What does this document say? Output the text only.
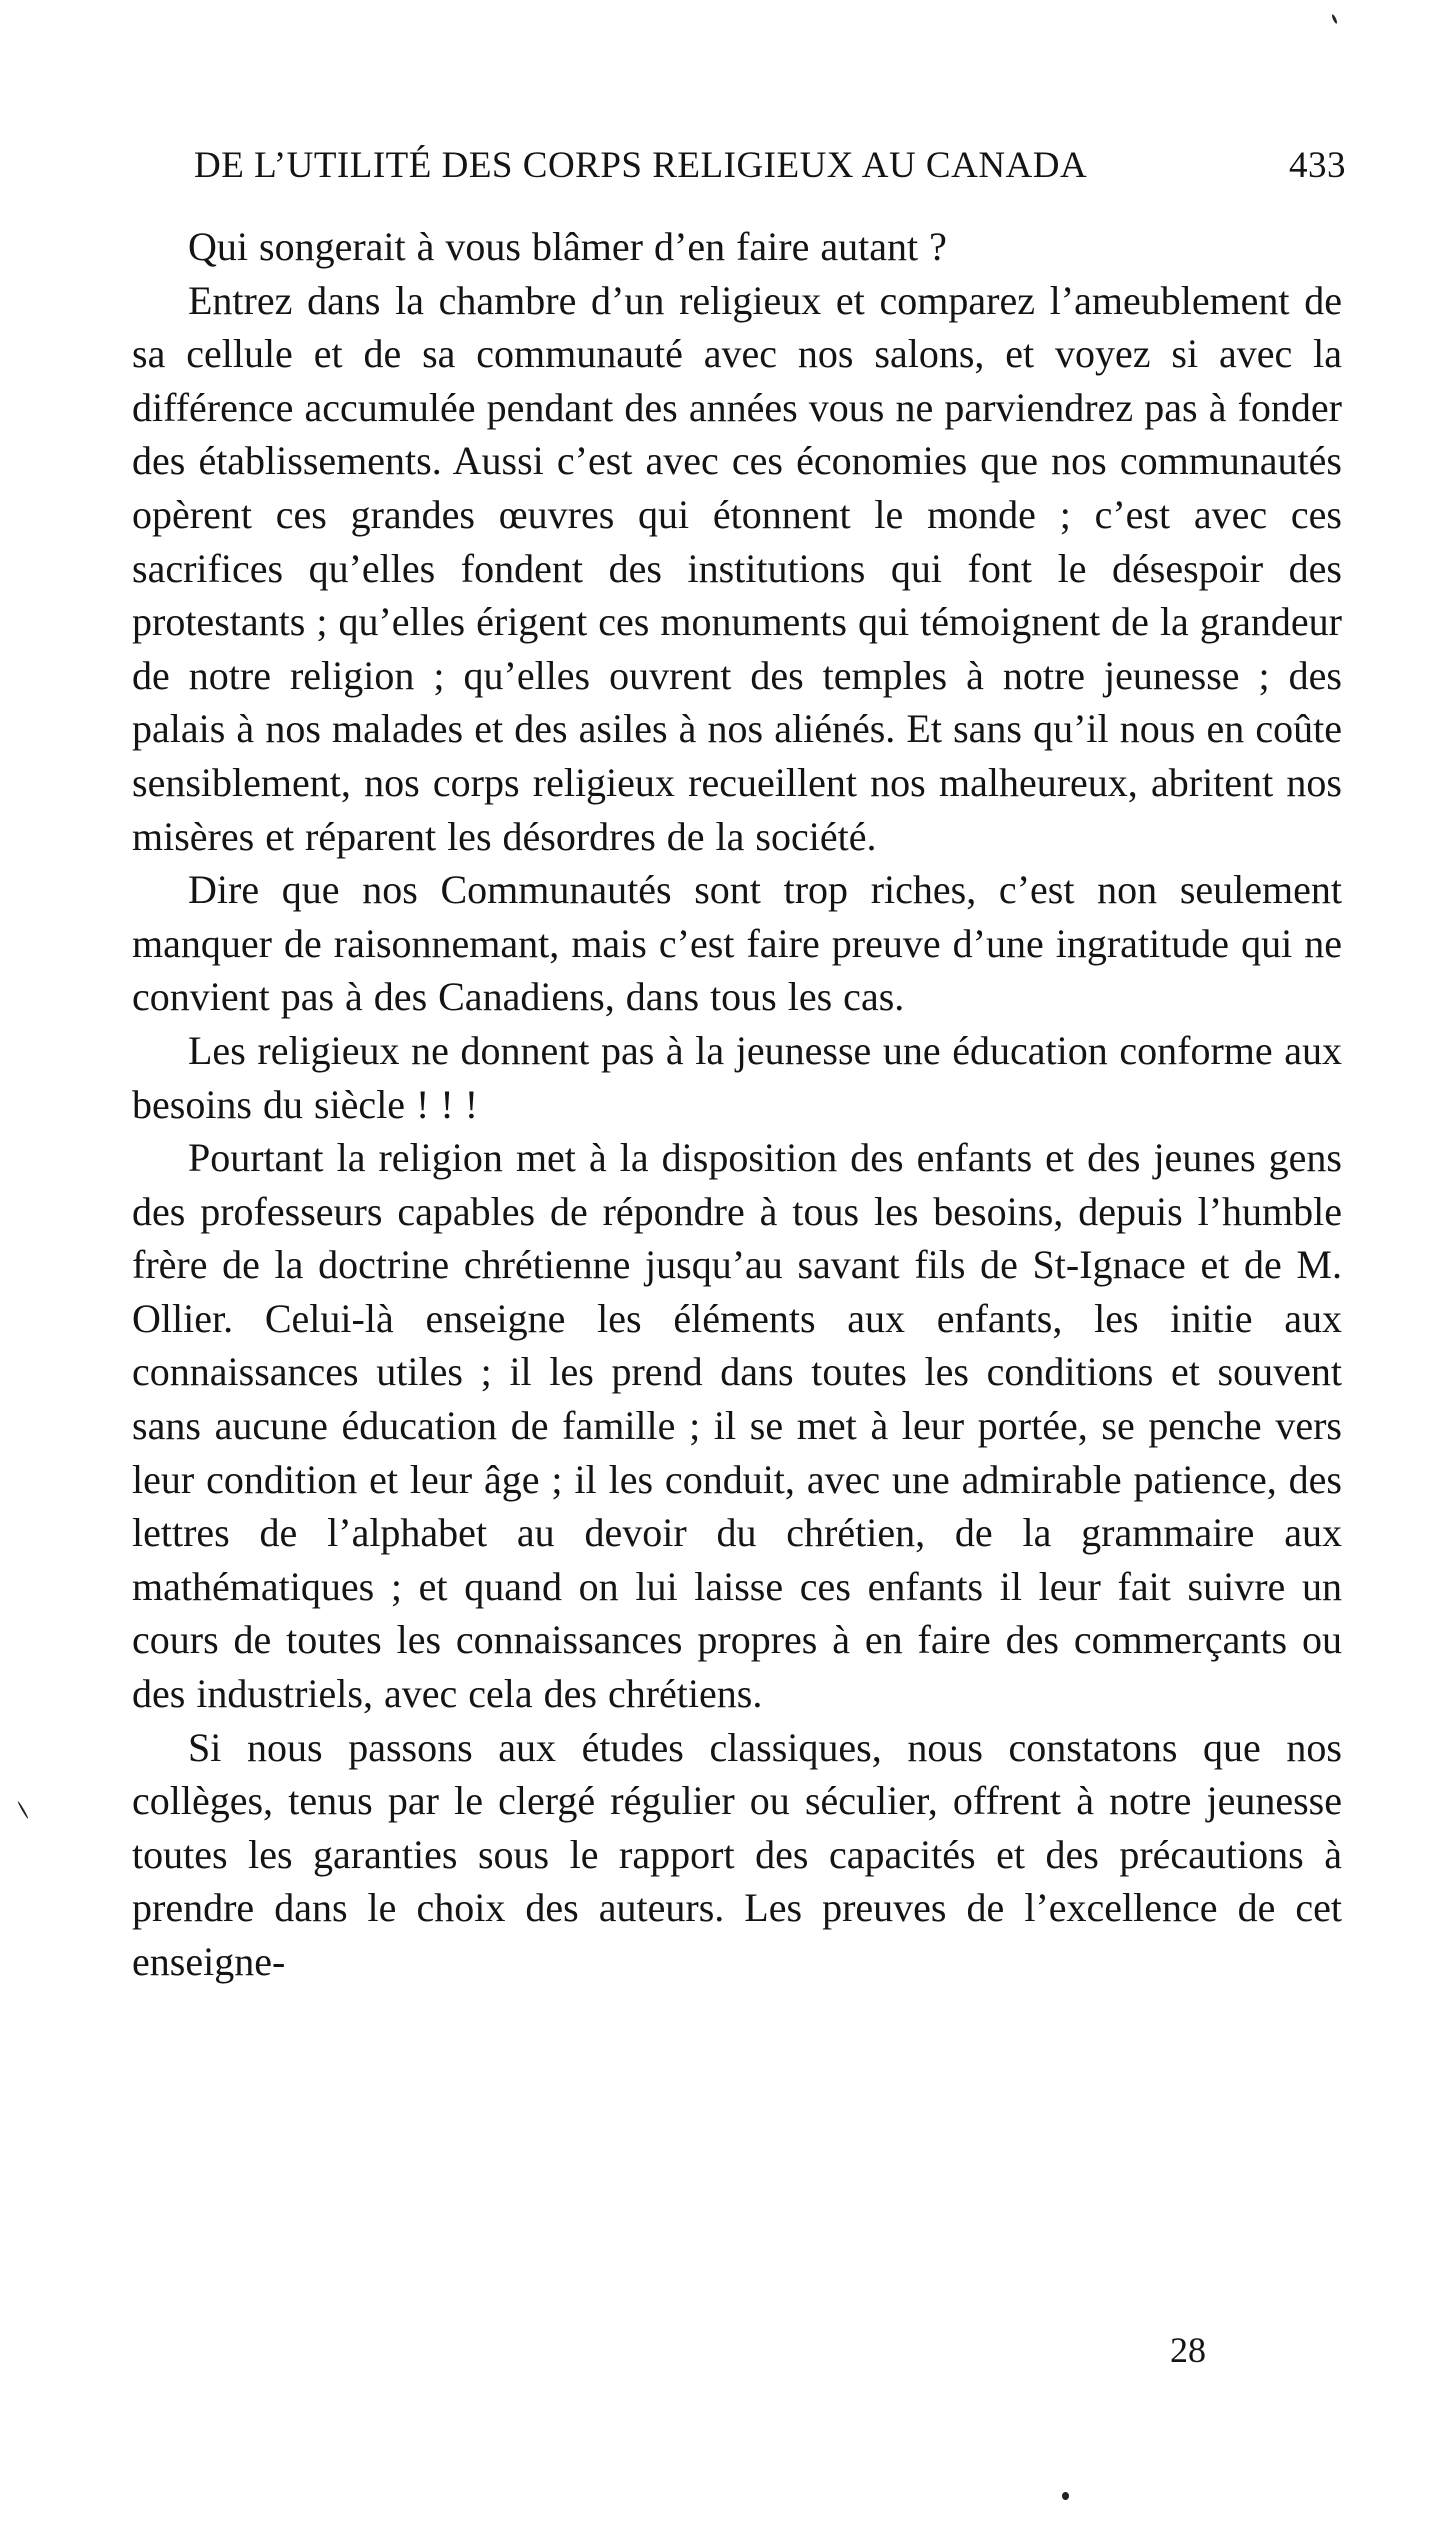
DE L’UTILITÉ DES CORPS RELIGIEUX AU CANADA	433

Qui songerait à vous blâmer d’en faire autant ?

Entrez dans la chambre d’un religieux et comparez l’ameublement de sa cellule et de sa communauté avec nos salons, et voyez si avec la différence accumulée pendant des années vous ne parviendrez pas à fonder des établissements. Aussi c’est avec ces économies que nos communautés opèrent ces grandes œuvres qui étonnent le monde ; c’est avec ces sacrifices qu’elles fondent des institutions qui font le désespoir des protestants ; qu’elles érigent ces monuments qui témoignent de la grandeur de notre religion ; qu’elles ouvrent des temples à notre jeunesse ; des palais à nos malades et des asiles à nos aliénés. Et sans qu’il nous en coûte sensiblement, nos corps religieux recueillent nos malheureux, abritent nos misères et réparent les désordres de la société.

Dire que nos Communautés sont trop riches, c’est non seulement manquer de raisonnemant, mais c’est faire preuve d’une ingratitude qui ne convient pas à des Canadiens, dans tous les cas.

Les religieux ne donnent pas à la jeunesse une éducation conforme aux besoins du siècle ! ! !

Pourtant la religion met à la disposition des enfants et des jeunes gens des professeurs capables de répondre à tous les besoins, depuis l’humble frère de la doctrine chrétienne jusqu’au savant fils de St-Ignace et de M. Ollier. Celui-là enseigne les éléments aux enfants, les initie aux connaissances utiles ; il les prend dans toutes les conditions et souvent sans aucune éducation de famille ; il se met à leur portée, se penche vers leur condition et leur âge ; il les conduit, avec une admirable patience, des lettres de l’alphabet au devoir du chrétien, de la grammaire aux mathématiques ; et quand on lui laisse ces enfants il leur fait suivre un cours de toutes les connaissances propres à en faire des commerçants ou des industriels, avec cela des chrétiens.

Si nous passons aux études classiques, nous constatons que nos collèges, tenus par le clergé régulier ou séculier, offrent à notre jeunesse toutes les garanties sous le rapport des capacités et des précautions à prendre dans le choix des auteurs. Les preuves de l’excellence de cet enseigne-

28
